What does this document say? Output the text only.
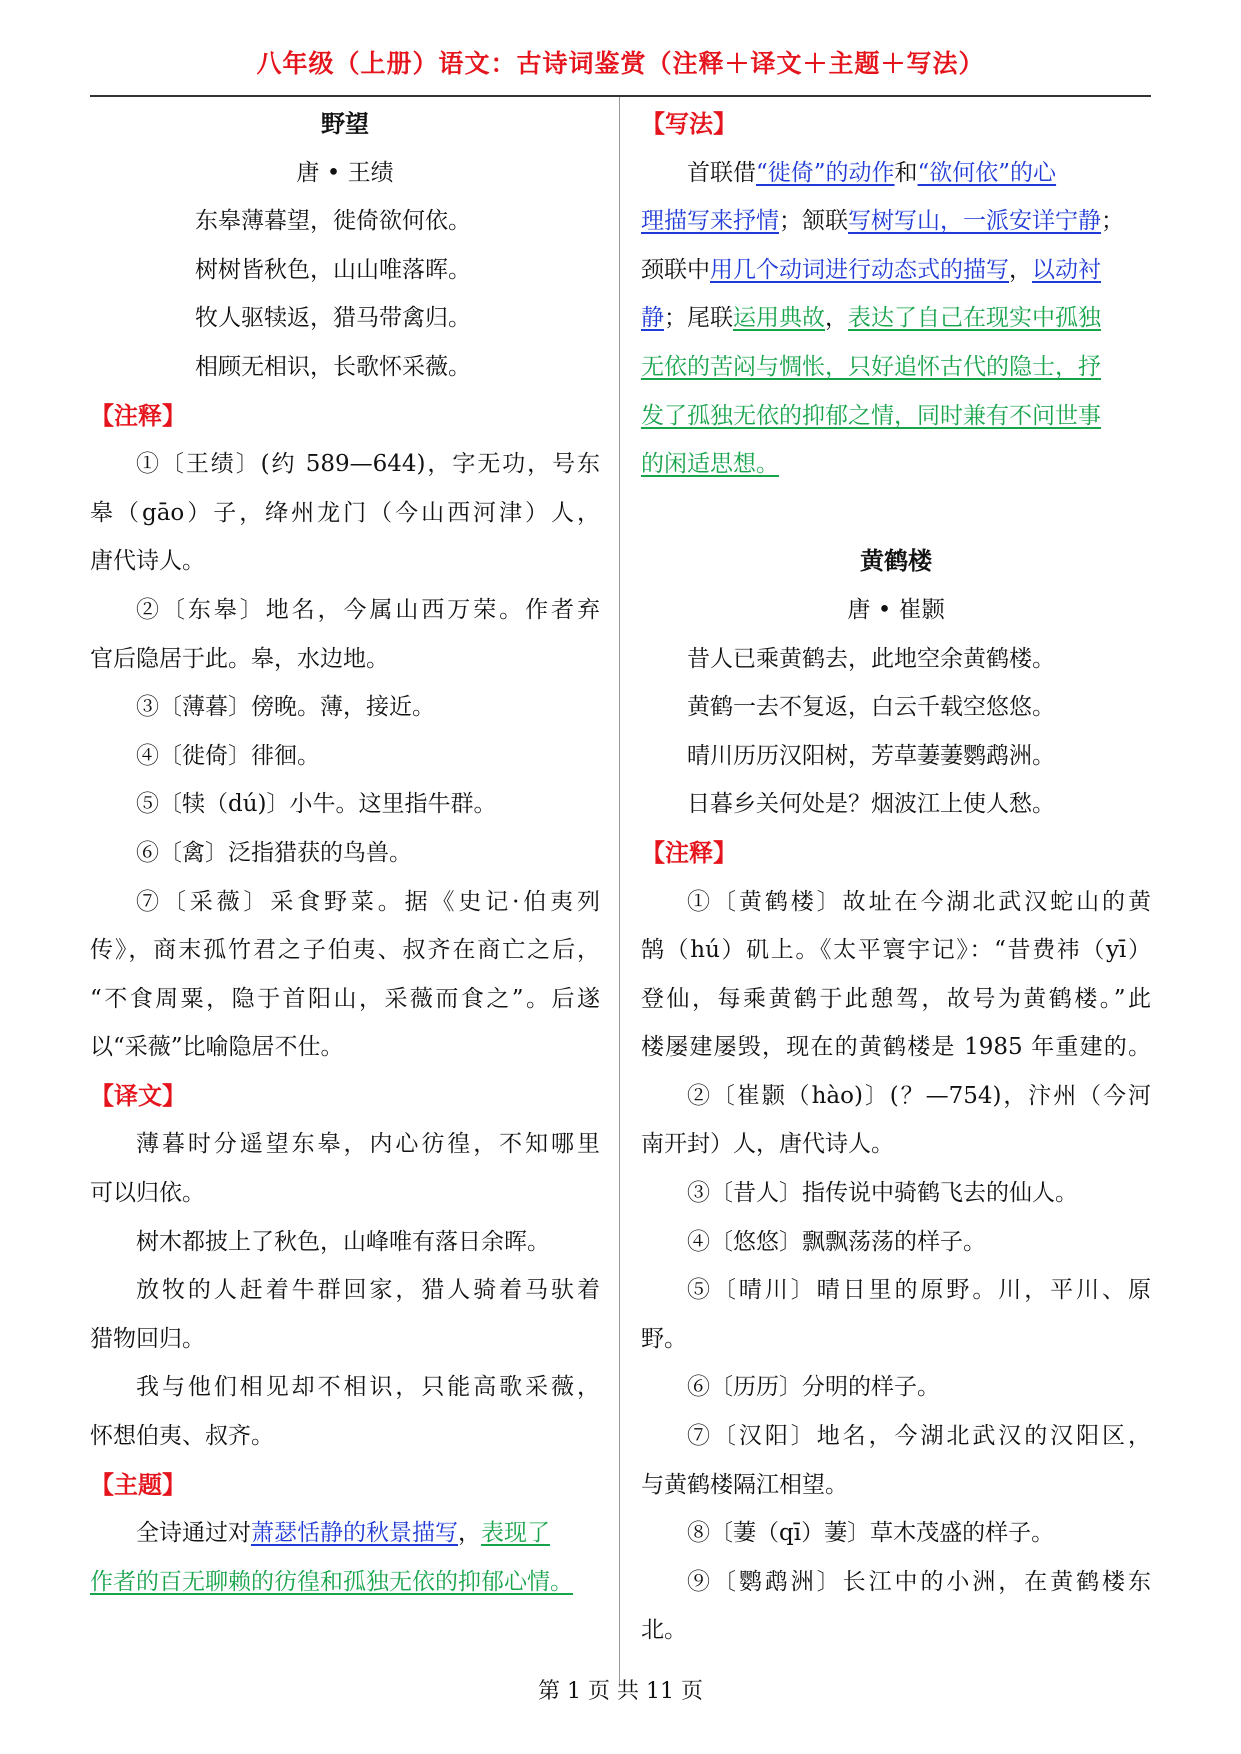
八年级（上册）语文：古诗词鉴赏（注释＋译文＋主题＋写法）
野望
唐 • 王绩
东皋薄暮望，徙倚欲何依。
树树皆秋色，山山唯落晖。
牧人驱犊返，猎马带禽归。
相顾无相识，长歌怀采薇。
【注释】
①〔王绩〕(约 589—644)，字无功，号东
皋（gāo）子，绛州龙门（今山西河津）人，
唐代诗人。
②〔东皋〕地名，今属山西万荣。作者弃
官后隐居于此。皋，水边地。
③〔薄暮〕傍晚。薄，接近。
④〔徙倚〕徘徊。
⑤〔犊（dú)〕小牛。这里指牛群。
⑥〔禽〕泛指猎获的鸟兽。
⑦〔采薇〕采食野菜。据《史记·伯夷列
传》，商末孤竹君之子伯夷、叔齐在商亡之后，
“不食周粟，隐于首阳山，采薇而食之”。后遂
以“采薇”比喻隐居不仕。
【译文】
薄暮时分遥望东皋，内心彷徨，不知哪里
可以归依。
树木都披上了秋色，山峰唯有落日余晖。
放牧的人赶着牛群回家，猎人骑着马驮着
猎物回归。
我与他们相见却不相识，只能高歌采薇，
怀想伯夷、叔齐。
【主题】
全诗通过对萧瑟恬静的秋景描写，表现了
作者的百无聊赖的彷徨和孤独无依的抑郁心情。
【写法】
首联借“徙倚”的动作和“欲何依”的心
理描写来抒情；颔联写树写山，一派安详宁静；
颈联中用几个动词进行动态式的描写，以动衬
静；尾联运用典故，表达了自己在现实中孤独
无依的苦闷与惆怅，只好追怀古代的隐士，抒
发了孤独无依的抑郁之情，同时兼有不问世事
的闲适思想。
黄鹤楼
唐 • 崔颢
昔人已乘黄鹤去，此地空余黄鹤楼。
黄鹤一去不复返，白云千载空悠悠。
晴川历历汉阳树，芳草萋萋鹦鹉洲。
日暮乡关何处是？烟波江上使人愁。
【注释】
①〔黄鹤楼〕故址在今湖北武汉蛇山的黄
鹄（hú）矶上。《太平寰宇记》：“昔费祎（yī）
登仙，每乘黄鹤于此憩驾，故号为黄鹤楼。”此
楼屡建屡毁，现在的黄鹤楼是 1985 年重建的。
②〔崔颢（hào)〕(？—754)，汴州（今河
南开封）人，唐代诗人。
③〔昔人〕指传说中骑鹤飞去的仙人。
④〔悠悠〕飘飘荡荡的样子。
⑤〔晴川〕晴日里的原野。川，平川、原
野。
⑥〔历历〕分明的样子。
⑦〔汉阳〕地名，今湖北武汉的汉阳区，
与黄鹤楼隔江相望。
⑧〔萋（qī）萋〕草木茂盛的样子。
⑨〔鹦鹉洲〕长江中的小洲，在黄鹤楼东
北。
第 1 页 共 11 页
